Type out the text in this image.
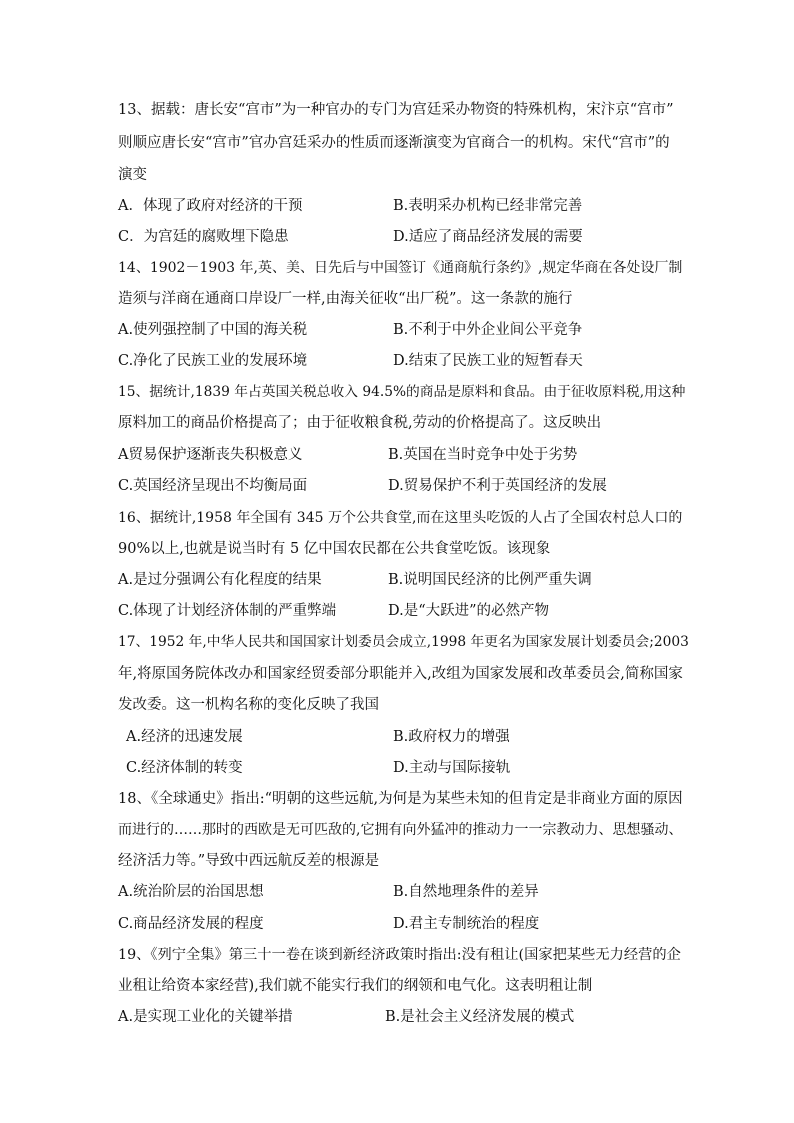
13、据载：唐长安“宫市”为一种官办的专门为宫廷采办物资的特殊机构，宋汴京“宫市”
则顺应唐长安“宫市”官办宫廷采办的性质而逐渐演变为官商合一的机构。宋代“宫市”的
演变
A．体现了政府对经济的干预	B.表明采办机构已经非常完善
C．为宫廷的腐败埋下隐患	D.适应了商品经济发展的需要
14、1902－1903 年,英、美、日先后与中国签订《通商航行条约》,规定华商在各处设厂制
造须与洋商在通商口岸设厂一样,由海关征收“出厂税”。这一条款的施行
A.使列强控制了中国的海关税	B.不利于中外企业间公平竞争
C.净化了民族工业的发展环境	D.结束了民族工业的短暂春天
15、据统计,1839 年占英国关税总收入 94.5%的商品是原料和食品。由于征收原料税,用这种
原料加工的商品价格提高了；由于征收粮食税,劳动的价格提高了。这反映出
A贸易保护逐渐丧失积极意义	B.英国在当时竞争中处于劣势
C.英国经济呈现出不均衡局面	D.贸易保护不利于英国经济的发展
16、据统计,1958 年全国有 345 万个公共食堂,而在这里头吃饭的人占了全国农村总人口的
90%以上,也就是说当时有 5 亿中国农民都在公共食堂吃饭。该现象
A.是过分强调公有化程度的结果	B.说明国民经济的比例严重失调
C.体现了计划经济体制的严重弊端	D.是“大跃进”的必然产物
17、1952 年,中华人民共和国国家计划委员会成立,1998 年更名为国家发展计划委员会;2003
年,将原国务院体改办和国家经贸委部分职能并入,改组为国家发展和改革委员会,简称国家
发改委。这一机构名称的变化反映了我国
A.经济的迅速发展	B.政府权力的增强
C.经济体制的转变	D.主动与国际接轨
18、《全球通史》指出:“明朝的这些远航,为何是为某些未知的但肯定是非商业方面的原因
而进行的……那时的西欧是无可匹敌的,它拥有向外猛冲的推动力一一宗教动力、思想骚动、
经济活力等。”导致中西远航反差的根源是
A.统治阶层的治国思想	B.自然地理条件的差异
C.商品经济发展的程度	D.君主专制统治的程度
19、《列宁全集》第三十一卷在谈到新经济政策时指出:没有租让(国家把某些无力经营的企
业租让给资本家经营),我们就不能实行我们的纲领和电气化。这表明租让制
A.是实现工业化的关键举措	B.是社会主义经济发展的模式
